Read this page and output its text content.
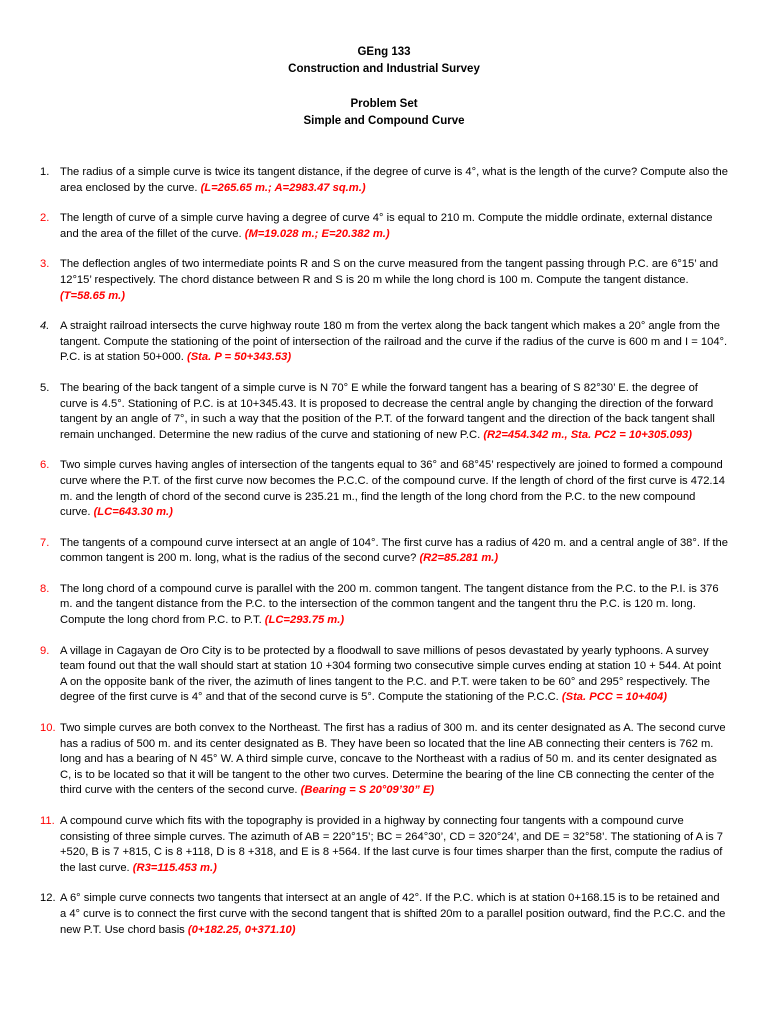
GEng 133
Construction and Industrial Survey
Problem Set
Simple and Compound Curve
1. The radius of a simple curve is twice its tangent distance, if the degree of curve is 4°, what is the length of the curve? Compute also the area enclosed by the curve. (L=265.65 m.; A=2983.47 sq.m.)
2. The length of curve of a simple curve having a degree of curve 4° is equal to 210 m. Compute the middle ordinate, external distance and the area of the fillet of the curve. (M=19.028 m.; E=20.382 m.)
3. The deflection angles of two intermediate points R and S on the curve measured from the tangent passing through P.C. are 6°15’ and 12°15’ respectively. The chord distance between R and S is 20 m while the long chord is 100 m. Compute the tangent distance. (T=58.65 m.)
4. A straight railroad intersects the curve highway route 180 m from the vertex along the back tangent which makes a 20° angle from the tangent. Compute the stationing of the point of intersection of the railroad and the curve if the radius of the curve is 600 m and I = 104°. P.C. is at station 50+000. (Sta. P = 50+343.53)
5. The bearing of the back tangent of a simple curve is N 70° E while the forward tangent has a bearing of S 82°30’ E. the degree of curve is 4.5°. Stationing of P.C. is at 10+345.43. It is proposed to decrease the central angle by changing the direction of the forward tangent by an angle of 7°, in such a way that the position of the P.T. of the forward tangent and the direction of the back tangent shall remain unchanged. Determine the new radius of the curve and stationing of new P.C. (R2=454.342 m., Sta. PC2 = 10+305.093)
6. Two simple curves having angles of intersection of the tangents equal to 36° and 68°45’ respectively are joined to formed a compound curve where the P.T. of the first curve now becomes the P.C.C. of the compound curve. If the length of chord of the first curve is 472.14 m. and the length of chord of the second curve is 235.21 m., find the length of the long chord from the P.C. to the new compound curve. (LC=643.30 m.)
7. The tangents of a compound curve intersect at an angle of 104°. The first curve has a radius of 420 m. and a central angle of 38°. If the common tangent is 200 m. long, what is the radius of the second curve? (R2=85.281 m.)
8. The long chord of a compound curve is parallel with the 200 m. common tangent. The tangent distance from the P.C. to the P.I. is 376 m. and the tangent distance from the P.C. to the intersection of the common tangent and the tangent thru the P.C. is 120 m. long. Compute the long chord from P.C. to P.T. (LC=293.75 m.)
9. A village in Cagayan de Oro City is to be protected by a floodwall to save millions of pesos devastated by yearly typhoons. A survey team found out that the wall should start at station 10 +304 forming two consecutive simple curves ending at station 10 + 544. At point A on the opposite bank of the river, the azimuth of lines tangent to the P.C. and P.T. were taken to be 60° and 295° respectively. The degree of the first curve is 4° and that of the second curve is 5°. Compute the stationing of the P.C.C. (Sta. PCC = 10+404)
10. Two simple curves are both convex to the Northeast. The first has a radius of 300 m. and its center designated as A. The second curve has a radius of 500 m. and its center designated as B. They have been so located that the line AB connecting their centers is 762 m. long and has a bearing of N 45° W. A third simple curve, concave to the Northeast with a radius of 50 m. and its center designated as C, is to be located so that it will be tangent to the other two curves. Determine the bearing of the line CB connecting the center of the third curve with the centers of the second curve. (Bearing = S 20°09’30” E)
11. A compound curve which fits with the topography is provided in a highway by connecting four tangents with a compound curve consisting of three simple curves. The azimuth of AB = 220°15’; BC = 264°30’, CD = 320°24’, and DE = 32°58’. The stationing of A is 7 +520, B is 7 +815, C is 8 +118, D is 8 +318, and E is 8 +564. If the last curve is four times sharper than the first, compute the radius of the last curve. (R3=115.453 m.)
12. A 6° simple curve connects two tangents that intersect at an angle of 42°. If the P.C. which is at station 0+168.15 is to be retained and a 4° curve is to connect the first curve with the second tangent that is shifted 20m to a parallel position outward, find the P.C.C. and the new P.T. Use chord basis (0+182.25, 0+371.10)
